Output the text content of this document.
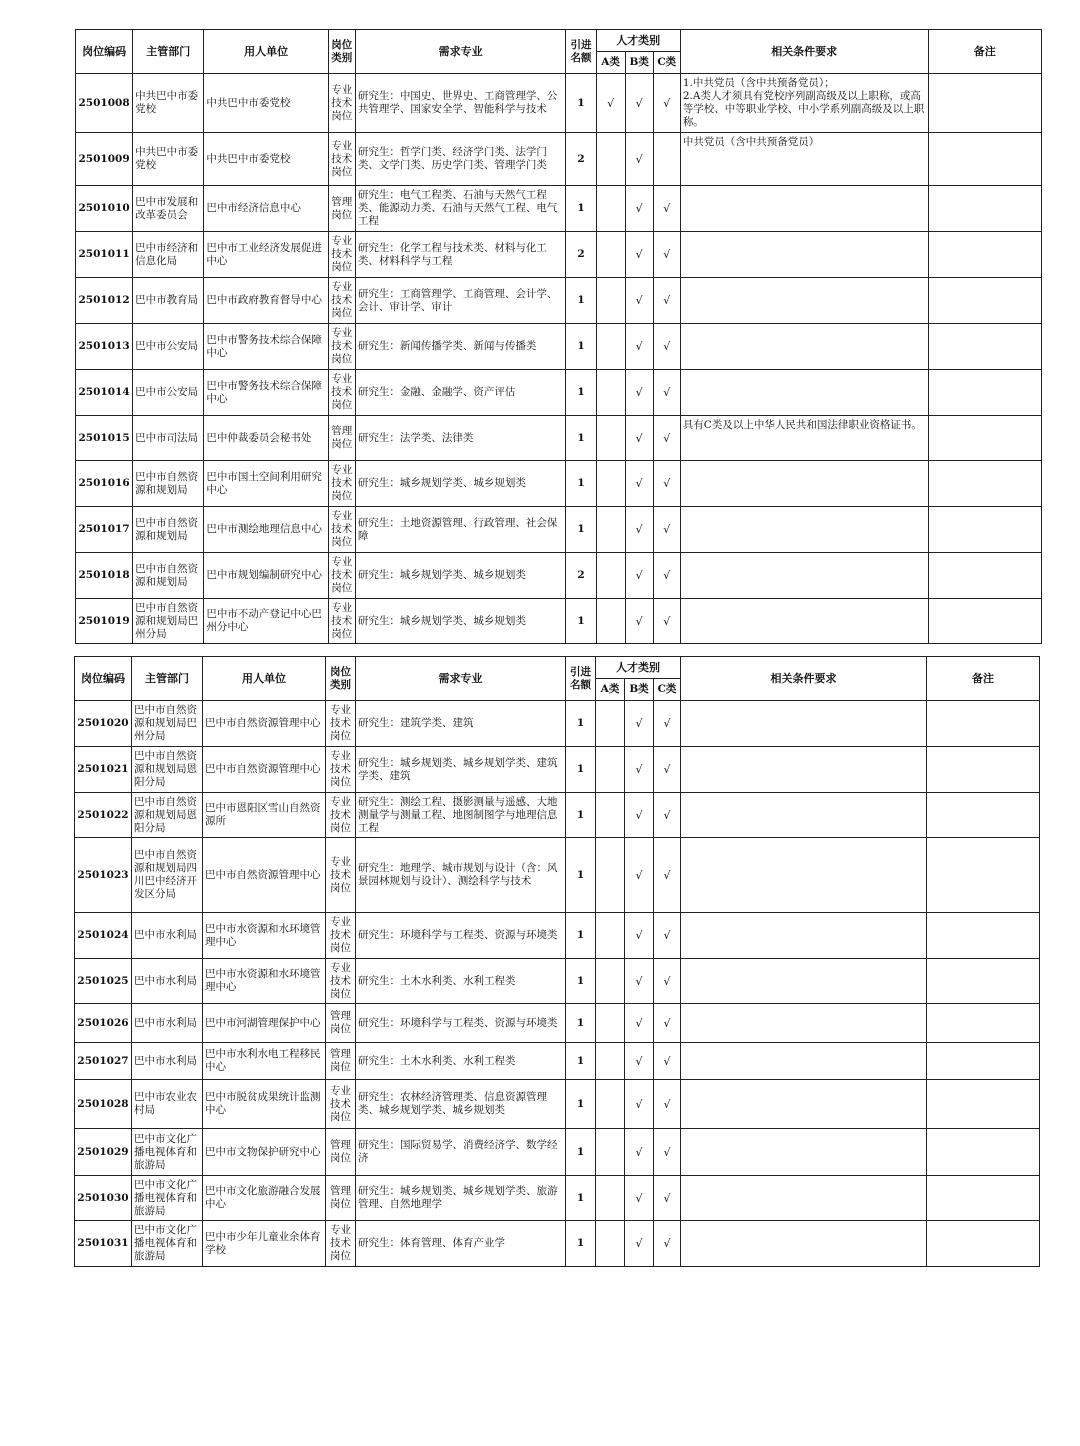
岗位编码	主管部门	用人单位	岗位类别	需求专业	引进名额	人才类别			相关条件要求	备注
						A类	B类	C类		
2501008	中共巴中市委党校	中共巴中市委党校	专业技术岗位	研究生：中国史、世界史、工商管理学、公共管理学、国家安全学、智能科学与技术	1	√	√	√	1.中共党员（含中共预备党员）；
2.A类人才须具有党校序列副高级及以上职称，或高等学校、中等职业学校、中小学系列副高级及以上职称。	
2501009	中共巴中市委党校	中共巴中市委党校	专业技术岗位	研究生：哲学门类、经济学门类、法学门类、文学门类、历史学门类、管理学门类	2		√		中共党员（含中共预备党员）	
2501010	巴中市发展和改革委员会	巴中市经济信息中心	管理岗位	研究生：电气工程类、石油与天然气工程类、能源动力类、石油与天然气工程、电气工程	1		√	√		
2501011	巴中市经济和信息化局	巴中市工业经济发展促进中心	专业技术岗位	研究生：化学工程与技术类、材料与化工类、材料科学与工程	2		√	√		
2501012	巴中市教育局	巴中市政府教育督导中心	专业技术岗位	研究生：工商管理学、工商管理、会计学、会计、审计学、审计	1		√	√		
2501013	巴中市公安局	巴中市警务技术综合保障中心	专业技术岗位	研究生：新闻传播学类、新闻与传播类	1		√	√		
2501014	巴中市公安局	巴中市警务技术综合保障中心	专业技术岗位	研究生：金融、金融学、资产评估	1		√	√		
2501015	巴中市司法局	巴中仲裁委员会秘书处	管理岗位	研究生：法学类、法律类	1		√	√	具有C类及以上中华人民共和国法律职业资格证书。	
2501016	巴中市自然资源和规划局	巴中市国土空间利用研究中心	专业技术岗位	研究生：城乡规划学类、城乡规划类	1		√	√		
2501017	巴中市自然资源和规划局	巴中市测绘地理信息中心	专业技术岗位	研究生：土地资源管理、行政管理、社会保障	1		√	√		
2501018	巴中市自然资源和规划局	巴中市规划编制研究中心	专业技术岗位	研究生：城乡规划学类、城乡规划类	2		√	√		
2501019	巴中市自然资源和规划局巴州分局	巴中市不动产登记中心巴州分中心	专业技术岗位	研究生：城乡规划学类、城乡规划类	1		√	√		
岗位编码	主管部门	用人单位	岗位类别	需求专业	引进名额	人才类别			相关条件要求	备注
						A类	B类	C类		
2501020	巴中市自然资源和规划局巴州分局	巴中市自然资源管理中心	专业技术岗位	研究生：建筑学类、建筑	1		√	√		
2501021	巴中市自然资源和规划局恩阳分局	巴中市自然资源管理中心	专业技术岗位	研究生：城乡规划类、城乡规划学类、建筑学类、建筑	1		√	√		
2501022	巴中市自然资源和规划局恩阳分局	巴中市恩阳区雪山自然资源所	专业技术岗位	研究生：测绘工程、摄影测量与遥感、大地测量学与测量工程、地图制图学与地理信息工程	1		√	√		
2501023	巴中市自然资源和规划局四川巴中经济开发区分局	巴中市自然资源管理中心	专业技术岗位	研究生：地理学、城市规划与设计（含：风景园林规划与设计）、测绘科学与技术	1		√	√		
2501024	巴中市水利局	巴中市水资源和水环境管理中心	专业技术岗位	研究生：环境科学与工程类、资源与环境类	1		√	√		
2501025	巴中市水利局	巴中市水资源和水环境管理中心	专业技术岗位	研究生：土木水利类、水利工程类	1		√	√		
2501026	巴中市水利局	巴中市河湖管理保护中心	管理岗位	研究生：环境科学与工程类、资源与环境类	1		√	√		
2501027	巴中市水利局	巴中市水利水电工程移民中心	管理岗位	研究生：土木水利类、水利工程类	1		√	√		
2501028	巴中市农业农村局	巴中市脱贫成果统计监测中心	专业技术岗位	研究生：农林经济管理类、信息资源管理类、城乡规划学类、城乡规划类	1		√	√		
2501029	巴中市文化广播电视体育和旅游局	巴中市文物保护研究中心	管理岗位	研究生：国际贸易学、消费经济学、数学经济	1		√	√		
2501030	巴中市文化广播电视体育和旅游局	巴中市文化旅游融合发展中心	管理岗位	研究生：城乡规划类、城乡规划学类、旅游管理、自然地理学	1		√	√		
2501031	巴中市文化广播电视体育和旅游局	巴中市少年儿童业余体育学校	专业技术岗位	研究生：体育管理、体育产业学	1		√	√		
